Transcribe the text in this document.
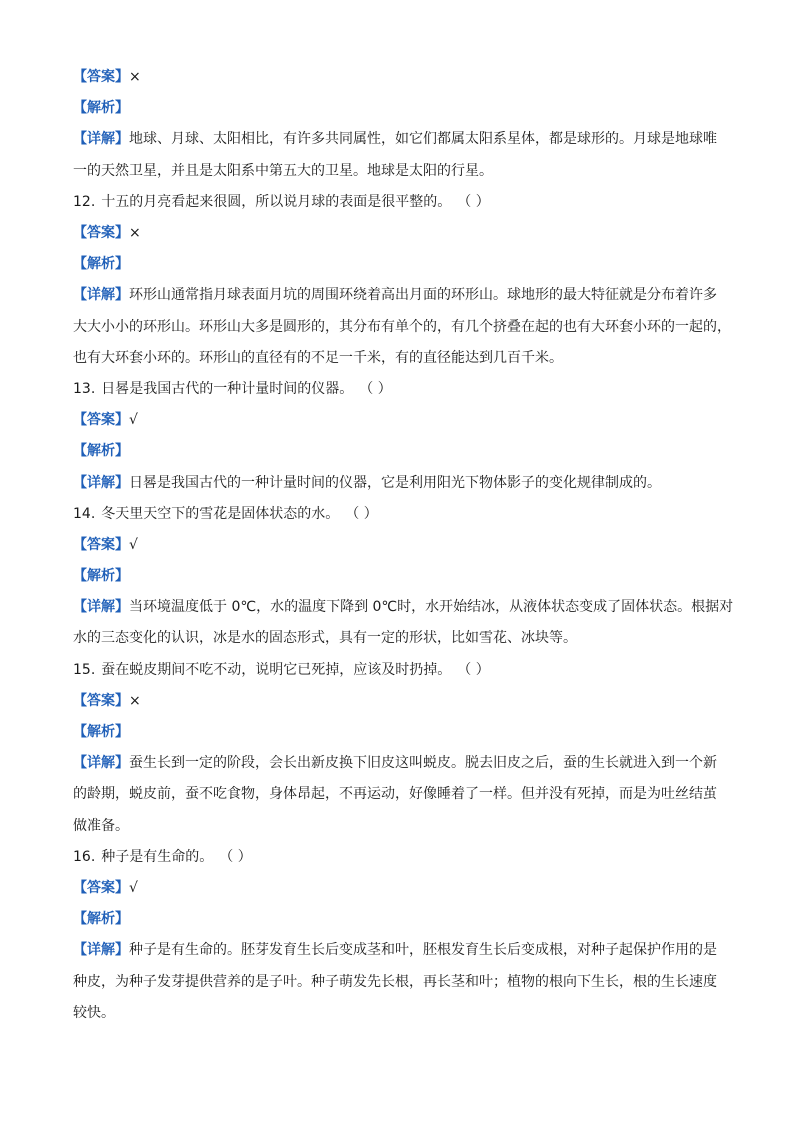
【答案】×
【解析】
【详解】地球、月球、太阳相比，有许多共同属性，如它们都属太阳系星体，都是球形的。月球是地球唯
一的天然卫星，并且是太阳系中第五大的卫星。地球是太阳的行星。
12. 十五的月亮看起来很圆，所以说月球的表面是很平整的。 （ ）
【答案】×
【解析】
【详解】环形山通常指月球表面月坑的周围环绕着高出月面的环形山。球地形的最大特征就是分布着许多
大大小小的环形山。环形山大多是圆形的，其分布有单个的，有几个挤叠在起的也有大环套小环的一起的，
也有大环套小环的。环形山的直径有的不足一千米，有的直径能达到几百千米。
13. 日晷是我国古代的一种计量时间的仪器。 （ ）
【答案】√
【解析】
【详解】日晷是我国古代的一种计量时间的仪器，它是利用阳光下物体影子的变化规律制成的。
14. 冬天里天空下的雪花是固体状态的水。 （ ）
【答案】√
【解析】
【详解】当环境温度低于 0℃，水的温度下降到 0℃时，水开始结冰，从液体状态变成了固体状态。根据对
水的三态变化的认识，冰是水的固态形式，具有一定的形状，比如雪花、冰块等。
15. 蚕在蜕皮期间不吃不动，说明它已死掉，应该及时扔掉。 （ ）
【答案】×
【解析】
【详解】蚕生长到一定的阶段，会长出新皮换下旧皮这叫蜕皮。脱去旧皮之后，蚕的生长就进入到一个新
的龄期，蜕皮前，蚕不吃食物，身体昂起，不再运动，好像睡着了一样。但并没有死掉，而是为吐丝结茧
做准备。
16. 种子是有生命的。 （ ）
【答案】√
【解析】
【详解】种子是有生命的。胚芽发育生长后变成茎和叶，胚根发育生长后变成根，对种子起保护作用的是
种皮，为种子发芽提供营养的是子叶。种子萌发先长根，再长茎和叶；植物的根向下生长，根的生长速度
较快。
